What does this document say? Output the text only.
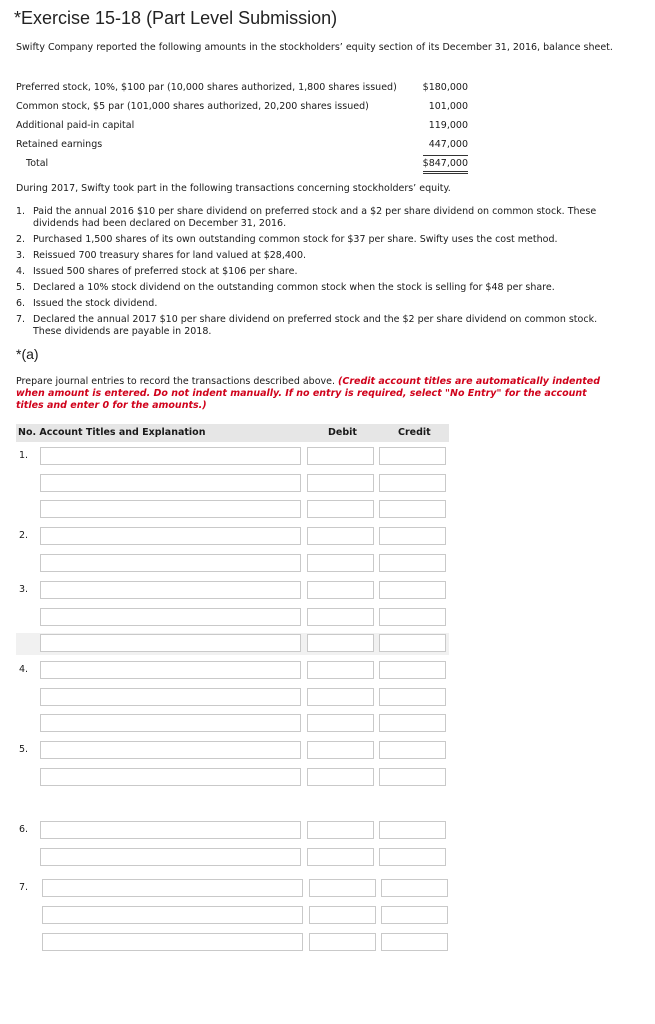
*Exercise 15-18 (Part Level Submission)
Swifty Company reported the following amounts in the stockholders’ equity section of its December 31, 2016, balance sheet.
Preferred stock, 10%, $100 par (10,000 shares authorized, 1,800 shares issued)	$180,000
Common stock, $5 par (101,000 shares authorized, 20,200 shares issued)	101,000
Additional paid-in capital	119,000
Retained earnings	447,000
Total	$847,000
During 2017, Swifty took part in the following transactions concerning stockholders’ equity.
1. Paid the annual 2016 $10 per share dividend on preferred stock and a $2 per share dividend on common stock. These dividends had been declared on December 31, 2016.
2. Purchased 1,500 shares of its own outstanding common stock for $37 per share. Swifty uses the cost method.
3. Reissued 700 treasury shares for land valued at $28,400.
4. Issued 500 shares of preferred stock at $106 per share.
5. Declared a 10% stock dividend on the outstanding common stock when the stock is selling for $48 per share.
6. Issued the stock dividend.
7. Declared the annual 2017 $10 per share dividend on preferred stock and the $2 per share dividend on common stock. These dividends are payable in 2018.
*(a)
Prepare journal entries to record the transactions described above. (Credit account titles are automatically indented when amount is entered. Do not indent manually. If no entry is required, select "No Entry" for the account titles and enter 0 for the amounts.)
No. Account Titles and Explanation	Debit	Credit
1.
2.
3.
4.
5.
6.
7.
